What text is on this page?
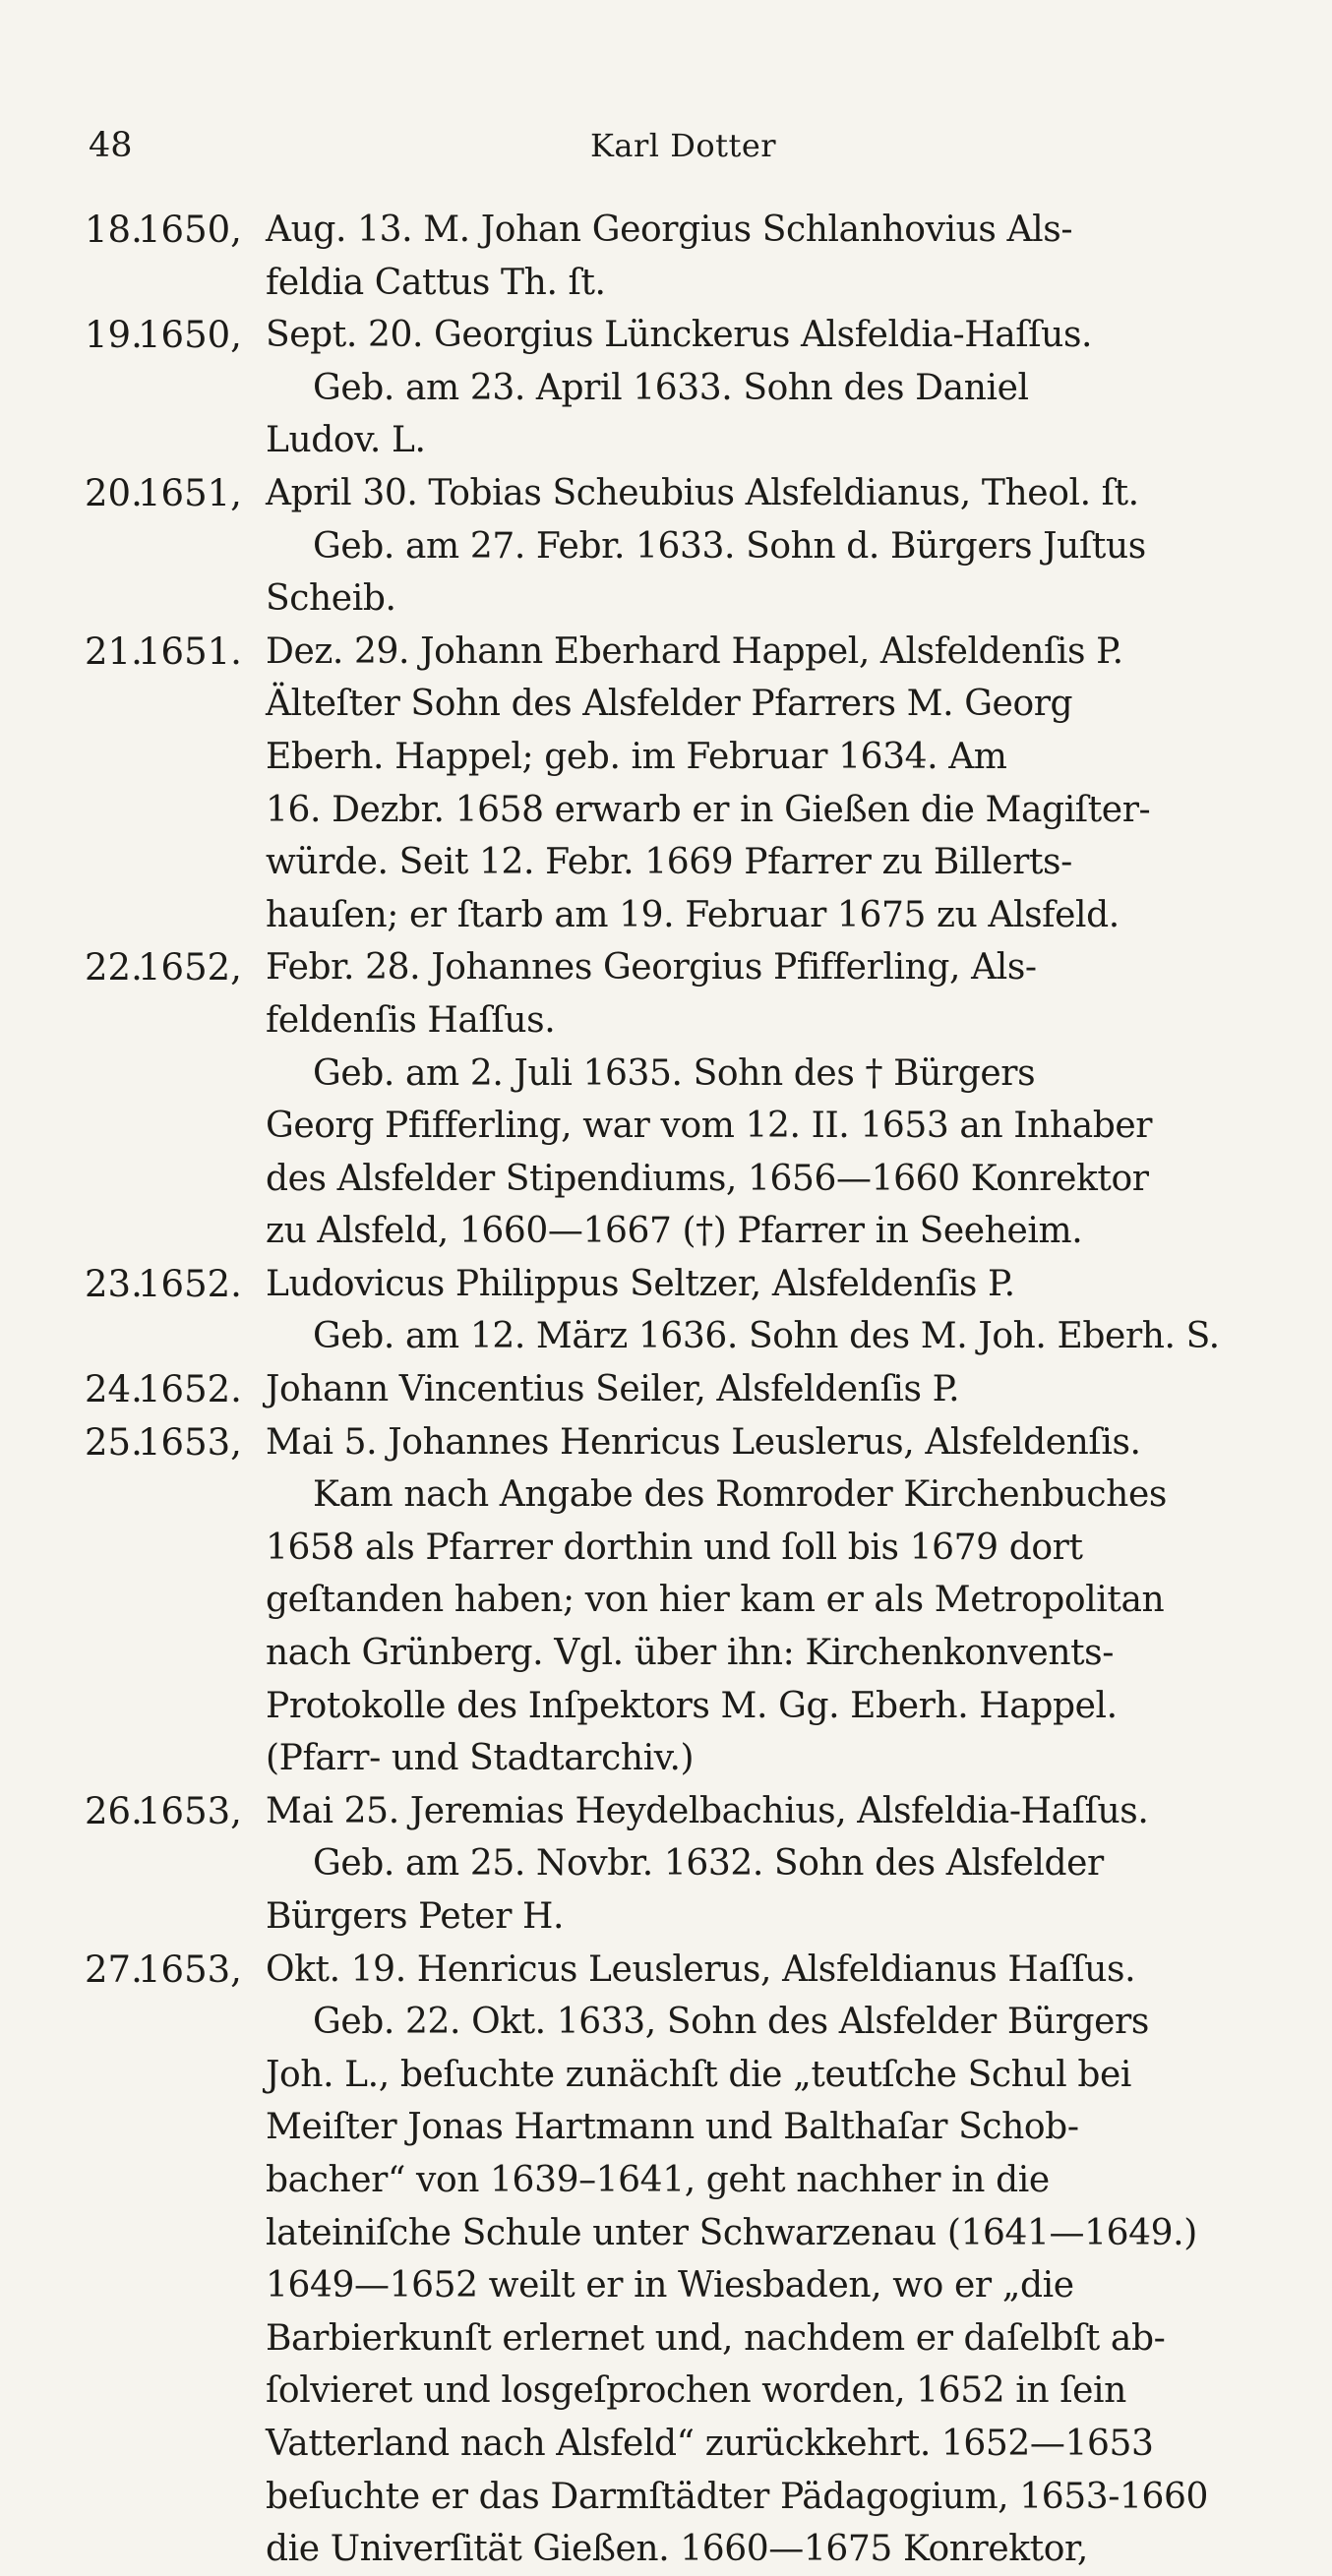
48	Karl Dotter
18.
1650, Aug. 13. M. Johan Georgius Schlanhovius Als-
feldia Cattus Th. ſt.
19.
1650, Sept. 20. Georgius Lünckerus Alsfeldia-Haſſus.
Geb. am 23. April 1633. Sohn des Daniel
Ludov. L.
20.
1651, April 30. Tobias Scheubius Alsfeldianus, Theol. ſt.
Geb. am 27. Febr. 1633. Sohn d. Bürgers Juſtus
Scheib.
21.
1651. Dez. 29. Johann Eberhard Happel, Alsfeldenſis P.
Älteſter Sohn des Alsfelder Pfarrers M. Georg
Eberh. Happel; geb. im Februar 1634. Am
16. Dezbr. 1658 erwarb er in Gießen die Magiſter-
würde. Seit 12. Febr. 1669 Pfarrer zu Billerts-
hauſen; er ſtarb am 19. Februar 1675 zu Alsfeld.
22.
1652, Febr. 28. Johannes Georgius Pfifferling, Als-
feldenſis Haſſus.
Geb. am 2. Juli 1635. Sohn des † Bürgers
Georg Pfifferling, war vom 12. II. 1653 an Inhaber
des Alsfelder Stipendiums, 1656—1660 Konrektor
zu Alsfeld, 1660—1667 (†) Pfarrer in Seeheim.
23.
1652. Ludovicus Philippus Seltzer, Alsfeldenſis P.
Geb. am 12. März 1636. Sohn des M. Joh. Eberh. S.
24.
1652. Johann Vincentius Seiler, Alsfeldenſis P.
25.
1653, Mai 5. Johannes Henricus Leuslerus, Alsfeldenſis.
Kam nach Angabe des Romroder Kirchenbuches
1658 als Pfarrer dorthin und ſoll bis 1679 dort
geſtanden haben; von hier kam er als Metropolitan
nach Grünberg. Vgl. über ihn: Kirchenkonvents-
Protokolle des Inſpektors M. Gg. Eberh. Happel.
(Pfarr- und Stadtarchiv.)
26.
1653, Mai 25. Jeremias Heydelbachius, Alsfeldia-Haſſus.
Geb. am 25. Novbr. 1632. Sohn des Alsfelder
Bürgers Peter H.
27.
1653, Okt. 19. Henricus Leuslerus, Alsfeldianus Haſſus.
Geb. 22. Okt. 1633, Sohn des Alsfelder Bürgers
Joh. L., beſuchte zunächſt die „teutſche Schul bei
Meiſter Jonas Hartmann und Balthaſar Schob-
bacher“ von 1639–1641, geht nachher in die
lateiniſche Schule unter Schwarzenau (1641—1649.)
1649—1652 weilt er in Wiesbaden, wo er „die
Barbierkunſt erlernet und, nachdem er daſelbſt ab-
ſolvieret und losgeſprochen worden, 1652 in ſein
Vatterland nach Alsfeld“ zurückkehrt. 1652—1653
beſuchte er das Darmſtädter Pädagogium, 1653-1660
die Univerſität Gießen. 1660—1675 Konrektor,
